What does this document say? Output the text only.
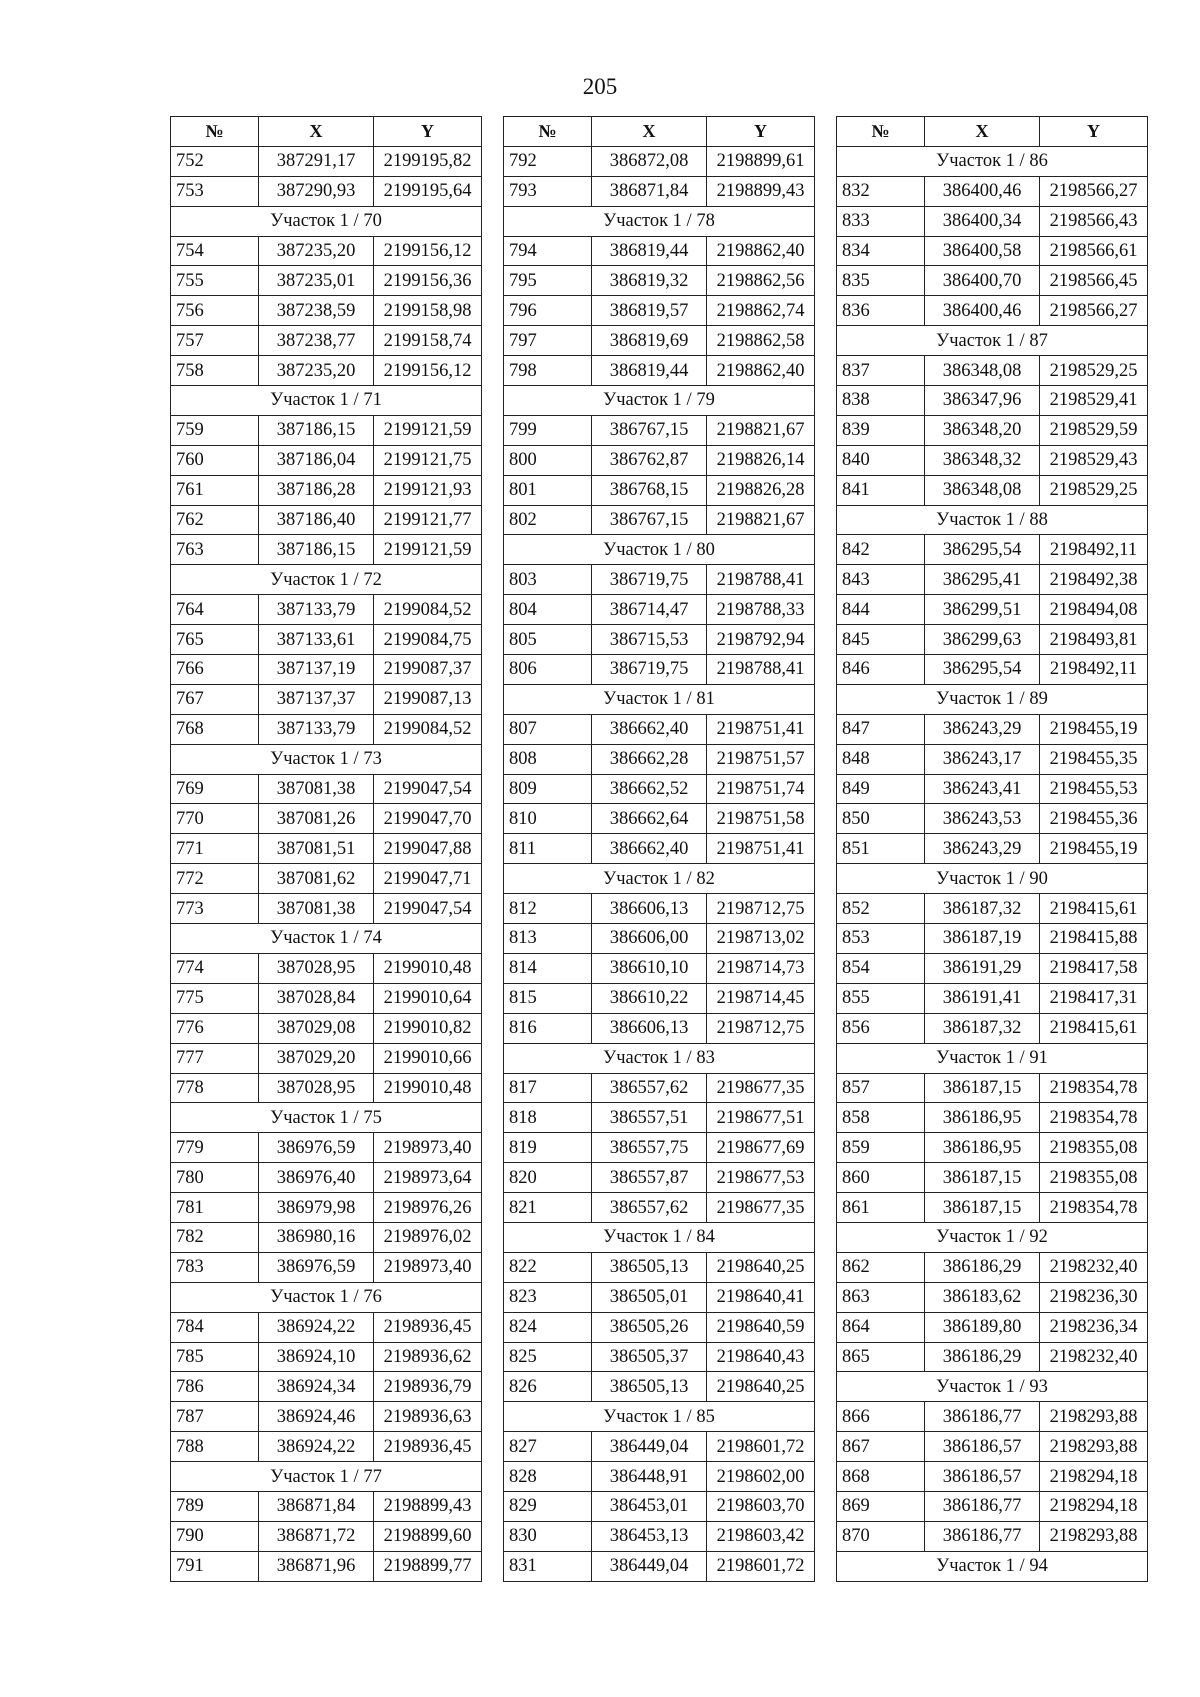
205
№	X	Y
752	387291,17	2199195,82
753	387290,93	2199195,64
Участок 1 / 70		
754	387235,20	2199156,12
755	387235,01	2199156,36
756	387238,59	2199158,98
757	387238,77	2199158,74
758	387235,20	2199156,12
Участок 1 / 71		
759	387186,15	2199121,59
760	387186,04	2199121,75
761	387186,28	2199121,93
762	387186,40	2199121,77
763	387186,15	2199121,59
Участок 1 / 72		
764	387133,79	2199084,52
765	387133,61	2199084,75
766	387137,19	2199087,37
767	387137,37	2199087,13
768	387133,79	2199084,52
Участок 1 / 73		
769	387081,38	2199047,54
770	387081,26	2199047,70
771	387081,51	2199047,88
772	387081,62	2199047,71
773	387081,38	2199047,54
Участок 1 / 74		
774	387028,95	2199010,48
775	387028,84	2199010,64
776	387029,08	2199010,82
777	387029,20	2199010,66
778	387028,95	2199010,48
Участок 1 / 75		
779	386976,59	2198973,40
780	386976,40	2198973,64
781	386979,98	2198976,26
782	386980,16	2198976,02
783	386976,59	2198973,40
Участок 1 / 76		
784	386924,22	2198936,45
785	386924,10	2198936,62
786	386924,34	2198936,79
787	386924,46	2198936,63
788	386924,22	2198936,45
Участок 1 / 77		
789	386871,84	2198899,43
790	386871,72	2198899,60
791	386871,96	2198899,77
№	X	Y
792	386872,08	2198899,61
793	386871,84	2198899,43
Участок 1 / 78		
794	386819,44	2198862,40
795	386819,32	2198862,56
796	386819,57	2198862,74
797	386819,69	2198862,58
798	386819,44	2198862,40
Участок 1 / 79		
799	386767,15	2198821,67
800	386762,87	2198826,14
801	386768,15	2198826,28
802	386767,15	2198821,67
Участок 1 / 80		
803	386719,75	2198788,41
804	386714,47	2198788,33
805	386715,53	2198792,94
806	386719,75	2198788,41
Участок 1 / 81		
807	386662,40	2198751,41
808	386662,28	2198751,57
809	386662,52	2198751,74
810	386662,64	2198751,58
811	386662,40	2198751,41
Участок 1 / 82		
812	386606,13	2198712,75
813	386606,00	2198713,02
814	386610,10	2198714,73
815	386610,22	2198714,45
816	386606,13	2198712,75
Участок 1 / 83		
817	386557,62	2198677,35
818	386557,51	2198677,51
819	386557,75	2198677,69
820	386557,87	2198677,53
821	386557,62	2198677,35
Участок 1 / 84		
822	386505,13	2198640,25
823	386505,01	2198640,41
824	386505,26	2198640,59
825	386505,37	2198640,43
826	386505,13	2198640,25
Участок 1 / 85		
827	386449,04	2198601,72
828	386448,91	2198602,00
829	386453,01	2198603,70
830	386453,13	2198603,42
831	386449,04	2198601,72
№	X	Y
Участок 1 / 86		
832	386400,46	2198566,27
833	386400,34	2198566,43
834	386400,58	2198566,61
835	386400,70	2198566,45
836	386400,46	2198566,27
Участок 1 / 87		
837	386348,08	2198529,25
838	386347,96	2198529,41
839	386348,20	2198529,59
840	386348,32	2198529,43
841	386348,08	2198529,25
Участок 1 / 88		
842	386295,54	2198492,11
843	386295,41	2198492,38
844	386299,51	2198494,08
845	386299,63	2198493,81
846	386295,54	2198492,11
Участок 1 / 89		
847	386243,29	2198455,19
848	386243,17	2198455,35
849	386243,41	2198455,53
850	386243,53	2198455,36
851	386243,29	2198455,19
Участок 1 / 90		
852	386187,32	2198415,61
853	386187,19	2198415,88
854	386191,29	2198417,58
855	386191,41	2198417,31
856	386187,32	2198415,61
Участок 1 / 91		
857	386187,15	2198354,78
858	386186,95	2198354,78
859	386186,95	2198355,08
860	386187,15	2198355,08
861	386187,15	2198354,78
Участок 1 / 92		
862	386186,29	2198232,40
863	386183,62	2198236,30
864	386189,80	2198236,34
865	386186,29	2198232,40
Участок 1 / 93		
866	386186,77	2198293,88
867	386186,57	2198293,88
868	386186,57	2198294,18
869	386186,77	2198294,18
870	386186,77	2198293,88
Участок 1 / 94		
